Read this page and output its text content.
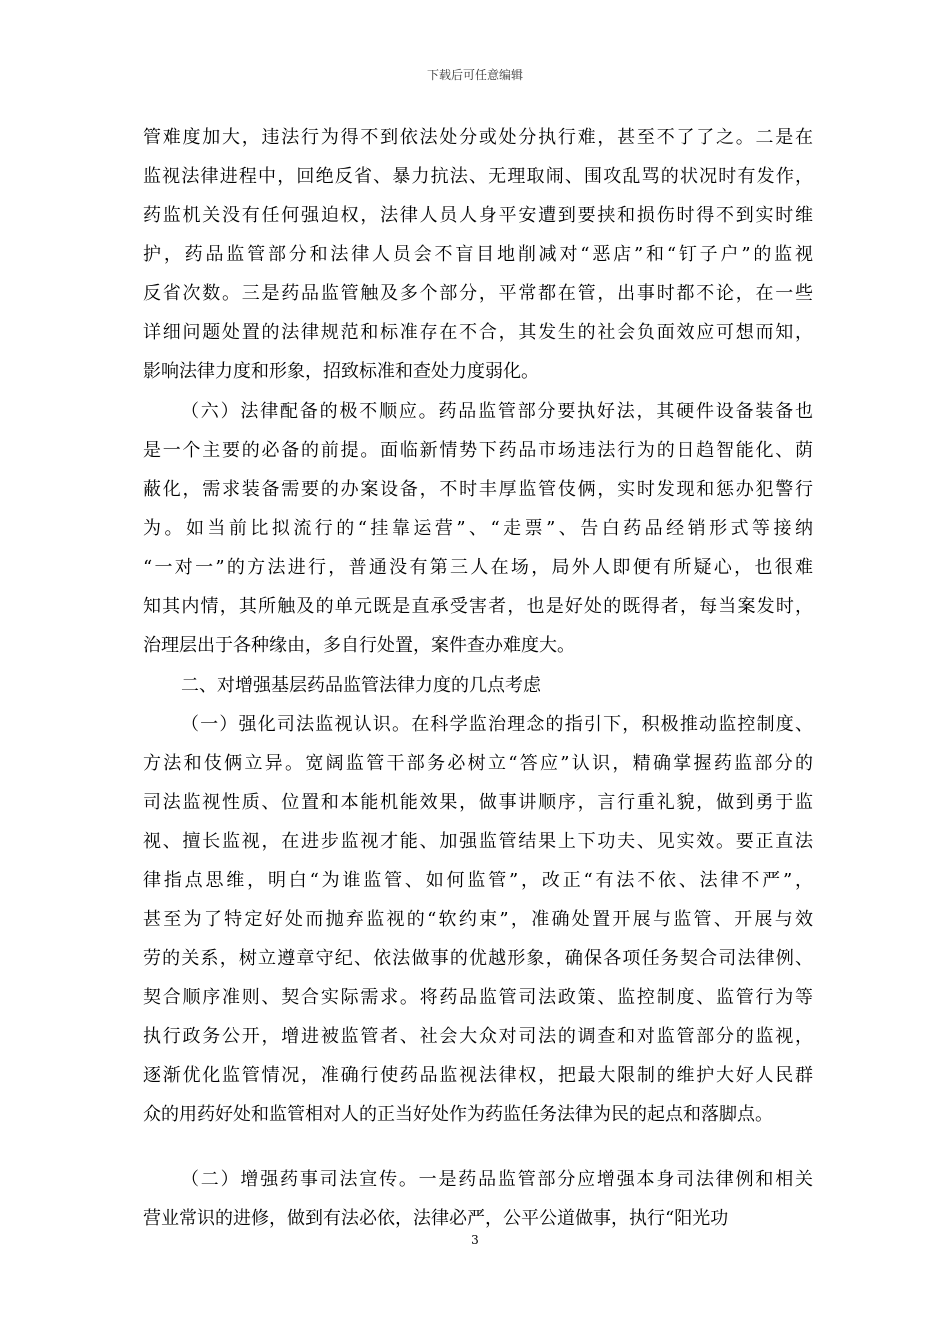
下载后可任意编辑
管难度加大，违法行为得不到依法处分或处分执行难，甚至不了了之。二是在
监视法律进程中，回绝反省、暴力抗法、无理取闹、围攻乱骂的状况时有发作，
药监机关没有任何强迫权，法律人员人身平安遭到要挟和损伤时得不到实时维
护，药品监管部分和法律人员会不盲目地削减对“恶店”和“钉子户”的监视
反省次数。三是药品监管触及多个部分，平常都在管，出事时都不论，在一些
详细问题处置的法律规范和标准存在不合，其发生的社会负面效应可想而知，
影响法律力度和形象，招致标准和查处力度弱化。
（六）法律配备的极不顺应。药品监管部分要执好法，其硬件设备装备也
是一个主要的必备的前提。面临新情势下药品市场违法行为的日趋智能化、荫
蔽化，需求装备需要的办案设备，不时丰厚监管伎俩，实时发现和惩办犯警行
为。如当前比拟流行的“挂靠运营”、“走票”、告白药品经销形式等接纳
“一对一”的方法进行，普通没有第三人在场，局外人即便有所疑心，也很难
知其内情，其所触及的单元既是直承受害者，也是好处的既得者，每当案发时，
治理层出于各种缘由，多自行处置，案件查办难度大。
二、对增强基层药品监管法律力度的几点考虑
（一）强化司法监视认识。在科学监治理念的指引下，积极推动监控制度、
方法和伎俩立异。宽阔监管干部务必树立“答应”认识，精确掌握药监部分的
司法监视性质、位置和本能机能效果，做事讲顺序，言行重礼貌，做到勇于监
视、擅长监视，在进步监视才能、加强监管结果上下功夫、见实效。要正直法
律指点思维，明白“为谁监管、如何监管”，改正“有法不依、法律不严”，
甚至为了特定好处而抛弃监视的“软约束”，准确处置开展与监管、开展与效
劳的关系，树立遵章守纪、依法做事的优越形象，确保各项任务契合司法律例、
契合顺序准则、契合实际需求。将药品监管司法政策、监控制度、监管行为等
执行政务公开，增进被监管者、社会大众对司法的调查和对监管部分的监视，
逐渐优化监管情况，准确行使药品监视法律权，把最大限制的维护大好人民群
众的用药好处和监管相对人的正当好处作为药监任务法律为民的起点和落脚点。
（二）增强药事司法宣传。一是药品监管部分应增强本身司法律例和相关
营业常识的进修，做到有法必依，法律必严，公平公道做事，执行“阳光功
3
